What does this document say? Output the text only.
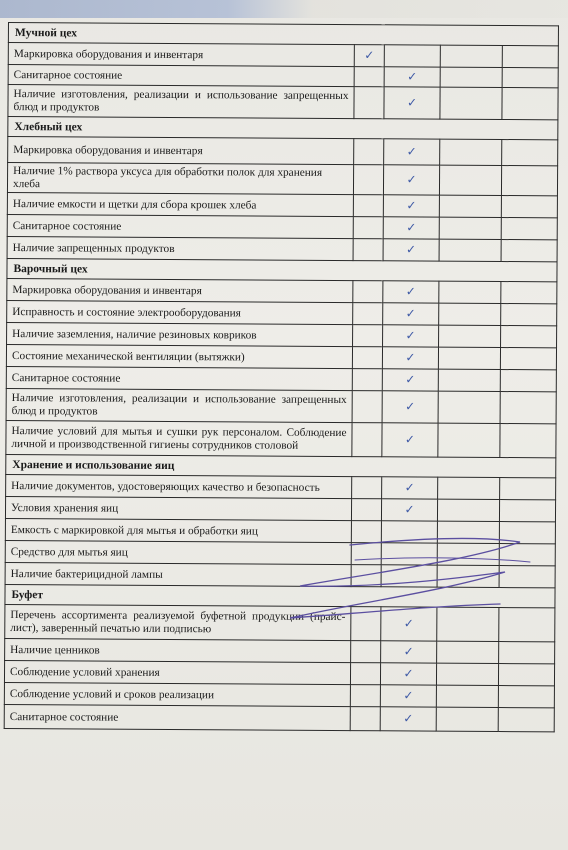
Мучной цех				
Маркировка оборудования и инвентаря	✓			
Санитарное состояние		✓		
Наличие изготовления, реализации и использование запрещенных блюд и продуктов		✓		
Хлебный цех				
Маркировка оборудования и инвентаря		✓		
Наличие 1% раствора уксуса для обработки полок для хранения хлеба		✓		
Наличие емкости и щетки для сбора крошек хлеба		✓		
Санитарное состояние		✓		
Наличие запрещенных продуктов		✓		
Варочный цех				
Маркировка оборудования и инвентаря		✓		
Исправность и состояние электрооборудования		✓		
Наличие заземления, наличие резиновых ковриков		✓		
Состояние механической вентиляции (вытяжки)		✓		
Санитарное состояние		✓		
Наличие изготовления, реализации и использование запрещенных блюд и продуктов		✓		
Наличие условий для мытья и сушки рук персоналом. Соблюдение личной и производственной гигиены сотрудников столовой		✓		
Хранение и использование яиц				
Наличие документов, удостоверяющих качество и безопасность		✓		
Условия хранения яиц		✓		
Емкость с маркировкой для мытья и обработки яиц				
Средство для мытья яиц				
Наличие бактерицидной лампы				
Буфет				
Перечень ассортимента реализуемой буфетной продукции (прайс-лист), заверенный печатью или подписью		✓		
Наличие ценников		✓		
Соблюдение условий хранения		✓		
Соблюдение условий и сроков реализации		✓		
Санитарное состояние		✓		
